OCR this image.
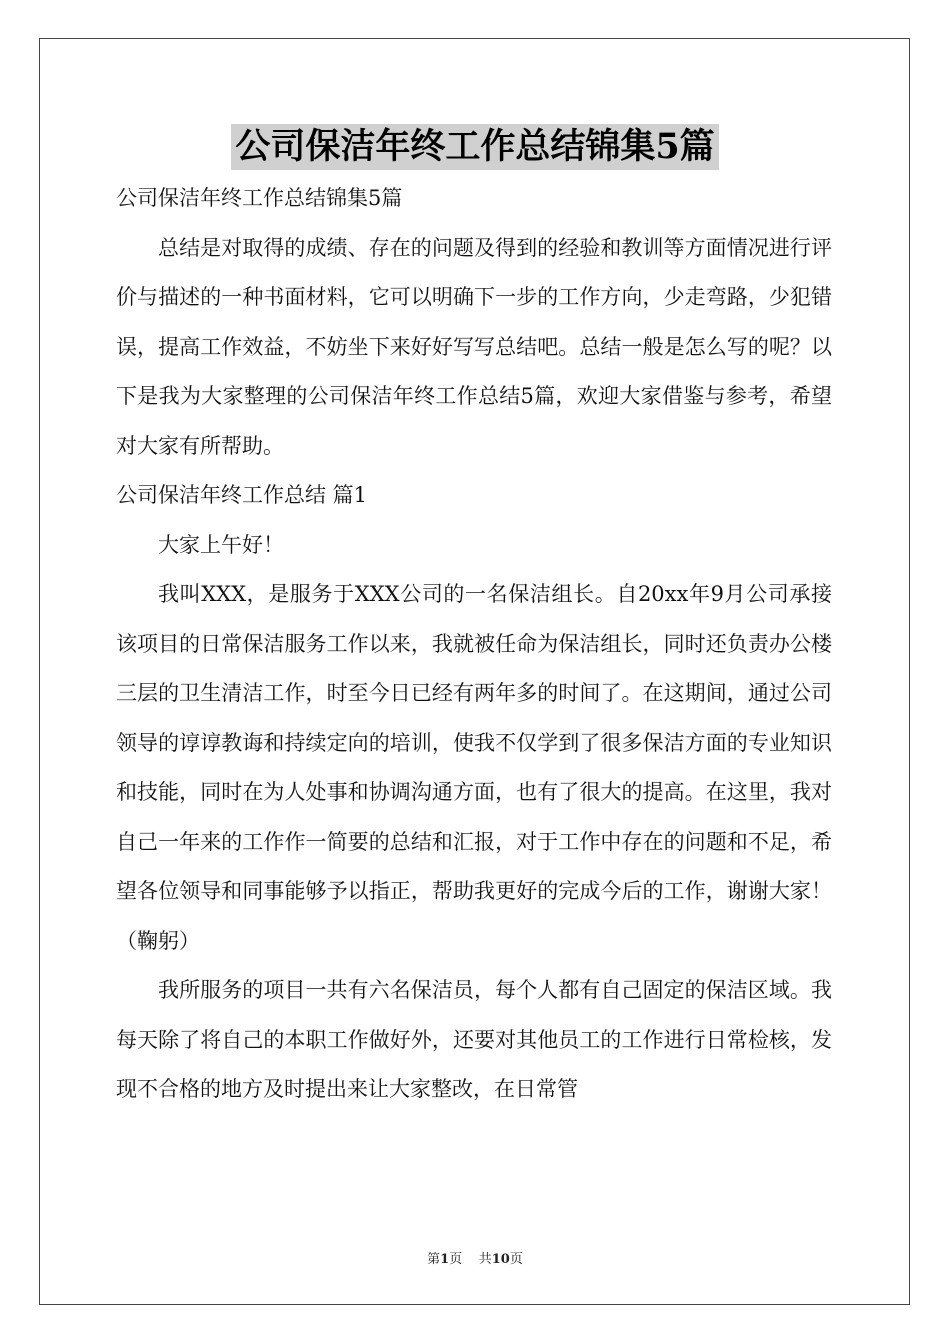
公司保洁年终工作总结锦集5篇

公司保洁年终工作总结锦集5篇

总结是对取得的成绩、存在的问题及得到的经验和教训等方面情况进行评价与描述的一种书面材料，它可以明确下一步的工作方向，少走弯路，少犯错误，提高工作效益，不妨坐下来好好写写总结吧。总结一般是怎么写的呢？以下是我为大家整理的公司保洁年终工作总结5篇，欢迎大家借鉴与参考，希望对大家有所帮助。

公司保洁年终工作总结 篇1

大家上午好！

我叫XXX，是服务于XXX公司的一名保洁组长。自20xx年9月公司承接该项目的日常保洁服务工作以来，我就被任命为保洁组长，同时还负责办公楼三层的卫生清洁工作，时至今日已经有两年多的时间了。在这期间，通过公司领导的谆谆教诲和持续定向的培训，使我不仅学到了很多保洁方面的专业知识和技能，同时在为人处事和协调沟通方面，也有了很大的提高。在这里，我对自己一年来的工作作一简要的总结和汇报，对于工作中存在的问题和不足，希望各位领导和同事能够予以指正，帮助我更好的完成今后的工作，谢谢大家！ （鞠躬）

我所服务的项目一共有六名保洁员，每个人都有自己固定的保洁区域。我每天除了将自己的本职工作做好外，还要对其他员工的工作进行日常检核，发现不合格的地方及时提出来让大家整改，在日常管

第1页 共10页
